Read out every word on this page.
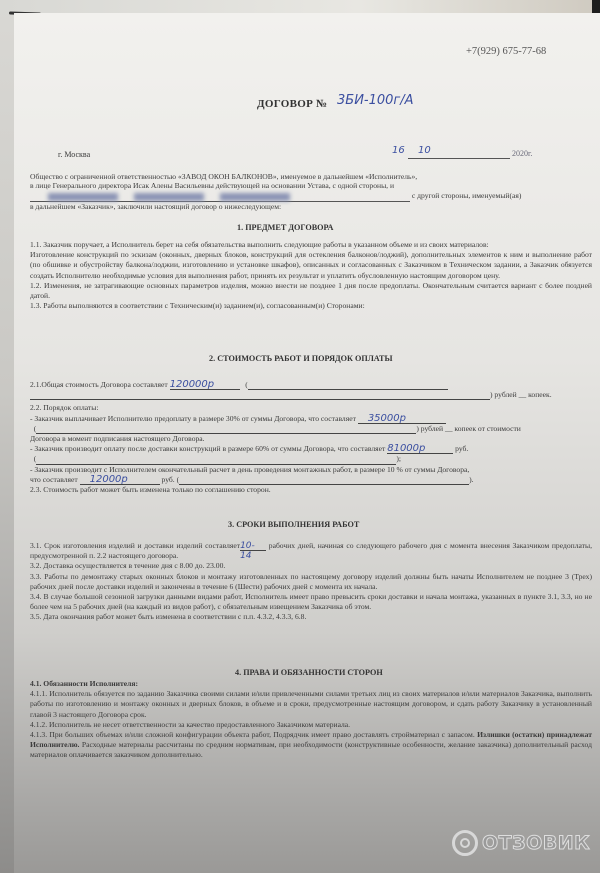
+7(929) 675-77-68
ДОГОВОР № 3БИ-100г/А
г. Москва	16 10	2020г.
Общество с ограниченной ответственностью «ЗАВОД ОКОН БАЛКОНОВ», именуемое в дальнейшем «Исполнитель»,
в лице Генерального директора Исак Алены Васильевны действующей на основании Устава, с одной стороны, и
с другой стороны, именуемый(ая)
в дальнейшем «Заказчик», заключили настоящий договор о нижеследующем:
1. ПРЕДМЕТ ДОГОВОРА
1.1. Заказчик поручает, а Исполнитель берет на себя обязательства выполнить следующие работы в указанном объеме и из своих материалов:
Изготовление конструкций по эскизам (оконных, дверных блоков, конструкций для остекления балконов/лоджий), дополнительных элементов к ним и выполнение работ (по обшивке и обустройству балкона/лоджии, изготовлению и установке шкафов), описанных и согласованных с Заказчиком в Техническом задании, а Заказчик обязуется создать Исполнителю необходимые условия для выполнения работ, принять их результат и уплатить обусловленную настоящим договором цену.
1.2. Изменения, не затрагивающие основных параметров изделия, можно внести не позднее 1 дня после предоплаты. Окончательным считается вариант с более поздней датой.
1.3. Работы выполняются в соответствии с Техническим(и) заданием(и), согласованным(и) Сторонами:
2. СТОИМОСТЬ РАБОТ И ПОРЯДОК ОПЛАТЫ
2.1.Общая стоимость Договора составляет 120000р	(
) рублей __ копеек.
2.2. Порядок оплаты:
- Заказчик выплачивает Исполнителю предоплату в размере 30% от суммы Договора, что составляет 35000р
(	) рублей __ копеек от стоимости
Договора в момент подписания настоящего Договора.
- Заказчик производит оплату после доставки конструкций в размере 60% от суммы Договора, что составляет 81000р	руб.
(	);
- Заказчик производит с Исполнителем окончательный расчет в день проведения монтажных работ, в размере 10 % от суммы Договора,
что составляет 12000р	руб. (	).
2.3. Стоимость работ может быть изменена только по соглашению сторон.
3. СРОКИ ВЫПОЛНЕНИЯ РАБОТ
3.1. Срок изготовления изделий и доставки изделий составляет10-14 рабочих дней, начиная со следующего рабочего дня с момента внесения Заказчиком предоплаты, предусмотренной п. 2.2 настоящего договора.
3.2. Доставка осуществляется в течение дня с 8.00 до. 23.00.
3.3. Работы по демонтажу старых оконных блоков и монтажу изготовленных по настоящему договору изделий должны быть начаты Исполнителем не позднее 3 (Трех) рабочих дней после доставки изделий и закончены в течение 6 (Шести) рабочих дней с момента их начала.
3.4. В случае большой сезонной загрузки данными видами работ, Исполнитель имеет право превысить сроки доставки и начала монтажа, указанных в пункте 3.1, 3.3, но не более чем на 5 рабочих дней (на каждый из видов работ), с обязательным извещением Заказчика об этом.
3.5. Дата окончания работ может быть изменена в соответствии с п.п. 4.3.2, 4.3.3, 6.8.
4. ПРАВА И ОБЯЗАННОСТИ СТОРОН
4.1. Обязанности Исполнителя:
4.1.1. Исполнитель обязуется по заданию Заказчика своими силами и/или привлеченными силами третьих лиц из своих материалов и/или материалов Заказчика, выполнить работы по изготовлению и монтажу оконных и дверных блоков, в объеме и в сроки, предусмотренные настоящим договором, и сдать работу Заказчику в установленный главой 3 настоящего Договора срок.
4.1.2. Исполнитель не несет ответственности за качество предоставленного Заказчиком материала.
4.1.3. При больших объемах и/или сложной конфигурации объекта работ, Подрядчик имеет право доставлять стройматериал с запасом. Излишки (остатки) принадлежат Исполнителю. Расходные материалы рассчитаны по средним нормативам, при необходимости (конструктивные особенности, желание заказчика) дополнительный расход материалов оплачивается заказчиком дополнительно.
ОТЗОВИК
